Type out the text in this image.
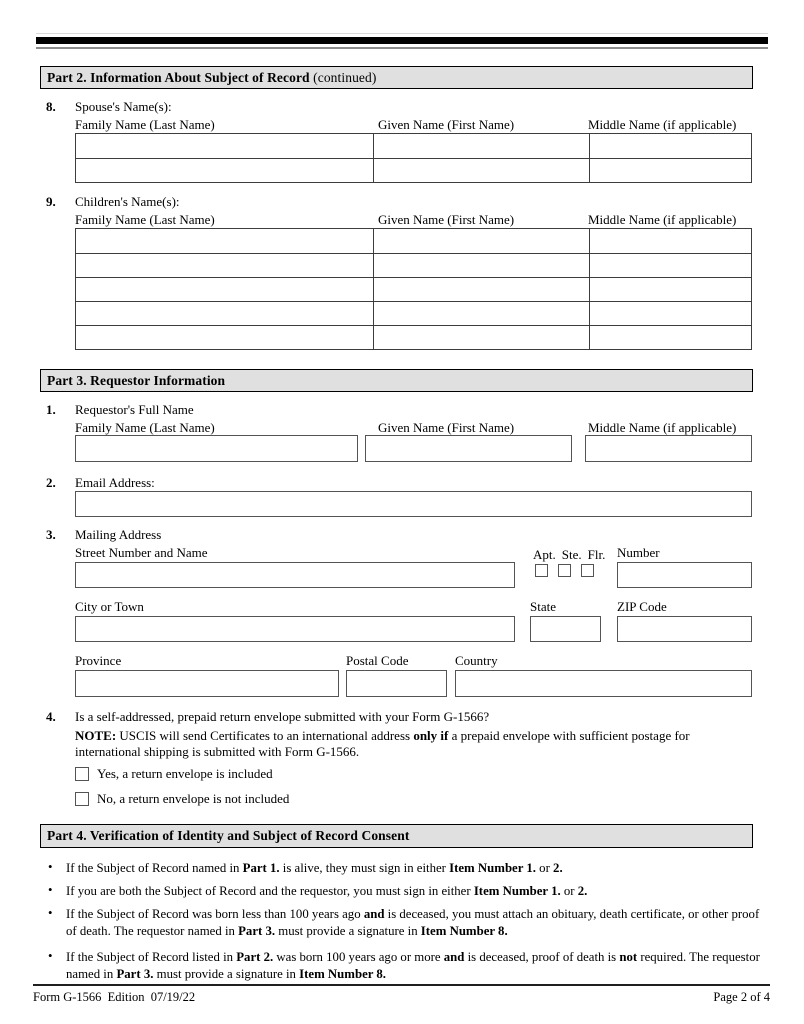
Part 2. Information About Subject of Record (continued)
8. Spouse's Name(s):
Family Name (Last Name)	Given Name (First Name)	Middle Name (if applicable)
9. Children's Name(s):
Family Name (Last Name)	Given Name (First Name)	Middle Name (if applicable)
Part 3. Requestor Information
1. Requestor's Full Name
Family Name (Last Name)	Given Name (First Name)	Middle Name (if applicable)
2. Email Address:
3. Mailing Address
Street Number and Name	Apt. Ste. Flr. Number
City or Town	State	ZIP Code
Province	Postal Code	Country
4. Is a self-addressed, prepaid return envelope submitted with your Form G-1566?
NOTE: USCIS will send Certificates to an international address only if a prepaid envelope with sufficient postage for international shipping is submitted with Form G-1566.
Yes, a return envelope is included
No, a return envelope is not included
Part 4. Verification of Identity and Subject of Record Consent
• If the Subject of Record named in Part 1. is alive, they must sign in either Item Number 1. or 2.
• If you are both the Subject of Record and the requestor, you must sign in either Item Number 1. or 2.
• If the Subject of Record was born less than 100 years ago and is deceased, you must attach an obituary, death certificate, or other proof of death. The requestor named in Part 3. must provide a signature in Item Number 8.
• If the Subject of Record listed in Part 2. was born 100 years ago or more and is deceased, proof of death is not required. The requestor named in Part 3. must provide a signature in Item Number 8.
Form G-1566  Edition  07/19/22	Page 2 of 4
